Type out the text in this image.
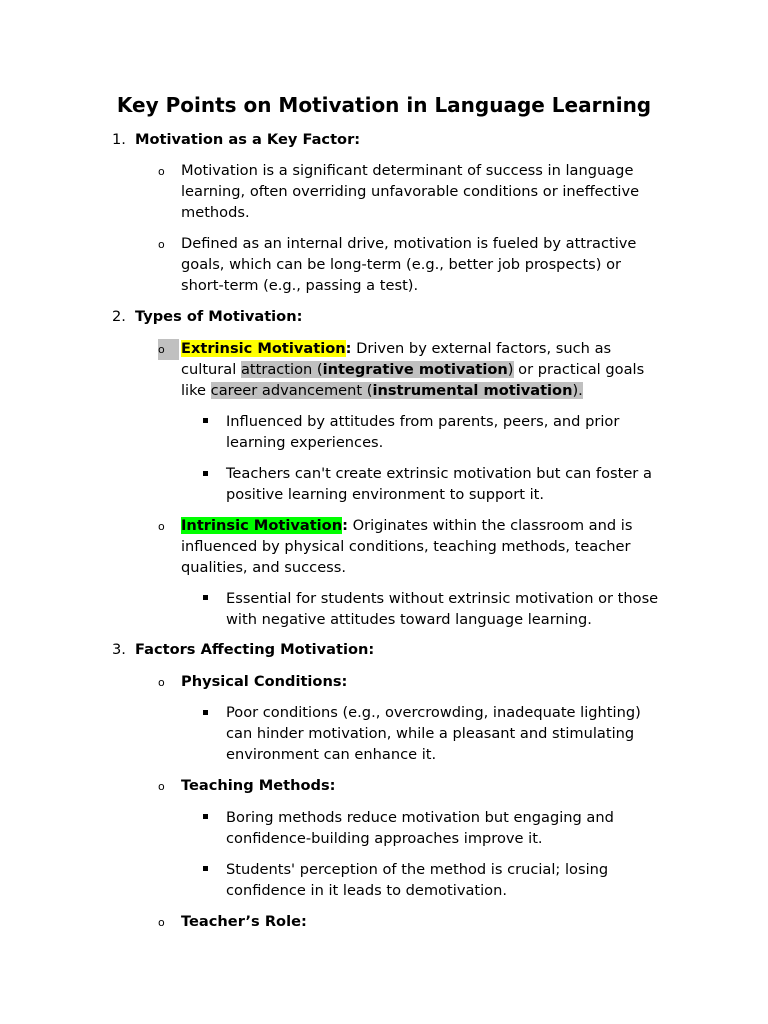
Key Points on Motivation in Language Learning
1. Motivation as a Key Factor:
o Motivation is a significant determinant of success in language
learning, often overriding unfavorable conditions or ineffective
methods.
o Defined as an internal drive, motivation is fueled by attractive
goals, which can be long-term (e.g., better job prospects) or
short-term (e.g., passing a test).
2. Types of Motivation:
o	Extrinsic Motivation: Driven by external factors, such as
cultural attraction (integrative motivation) or practical goals
like career advancement (instrumental motivation).
Influenced by attitudes from parents, peers, and prior
learning experiences.
Teachers can't create extrinsic motivation but can foster a
positive learning environment to support it.
o Intrinsic Motivation: Originates within the classroom and is
influenced by physical conditions, teaching methods, teacher
qualities, and success.
Essential for students without extrinsic motivation or those
with negative attitudes toward language learning.
3. Factors Affecting Motivation:
o Physical Conditions:
Poor conditions (e.g., overcrowding, inadequate lighting)
can hinder motivation, while a pleasant and stimulating
environment can enhance it.
o Teaching Methods:
Boring methods reduce motivation but engaging and
confidence-building approaches improve it.
Students' perception of the method is crucial; losing
confidence in it leads to demotivation.
o Teacher’s Role:
